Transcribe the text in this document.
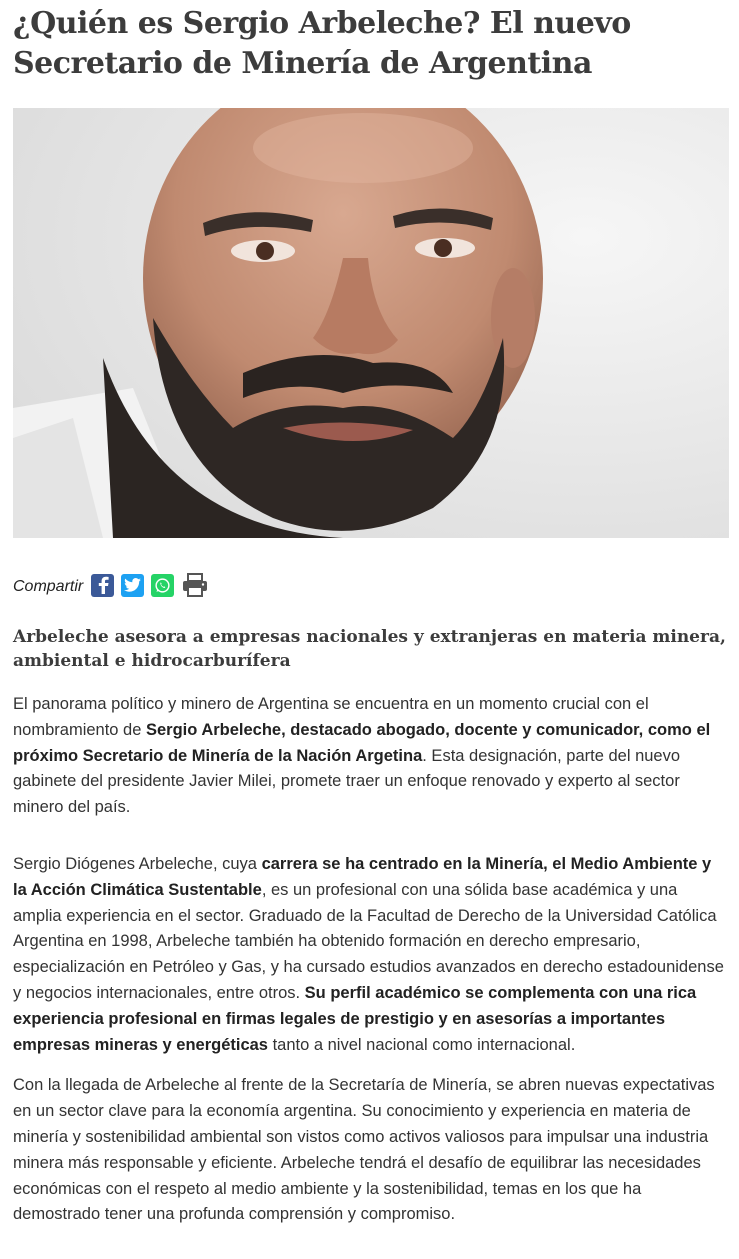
¿Quién es Sergio Arbeleche? El nuevo Secretario de Minería de Argentina
Compartir
Arbeleche asesora a empresas nacionales y extranjeras en materia minera, ambiental e hidrocarburífera

El panorama político y minero de Argentina se encuentra en un momento crucial con el nombramiento de Sergio Arbeleche, destacado abogado, docente y comunicador, como el próximo Secretario de Minería de la Nación Argetina. Esta designación, parte del nuevo gabinete del presidente Javier Milei, promete traer un enfoque renovado y experto al sector minero del país.

Sergio Diógenes Arbeleche, cuya carrera se ha centrado en la Minería, el Medio Ambiente y la Acción Climática Sustentable, es un profesional con una sólida base académica y una amplia experiencia en el sector. Graduado de la Facultad de Derecho de la Universidad Católica Argentina en 1998, Arbeleche también ha obtenido formación en derecho empresario, especialización en Petróleo y Gas, y ha cursado estudios avanzados en derecho estadounidense y negocios internacionales, entre otros. Su perfil académico se complementa con una rica experiencia profesional en firmas legales de prestigio y en asesorías a importantes empresas mineras y energéticas tanto a nivel nacional como internacional.

Con la llegada de Arbeleche al frente de la Secretaría de Minería, se abren nuevas expectativas en un sector clave para la economía argentina. Su conocimiento y experiencia en materia de minería y sostenibilidad ambiental son vistos como activos valiosos para impulsar una industria minera más responsable y eficiente. Arbeleche tendrá el desafío de equilibrar las necesidades económicas con el respeto al medio ambiente y la sostenibilidad, temas en los que ha demostrado tener una profunda comprensión y compromiso.
